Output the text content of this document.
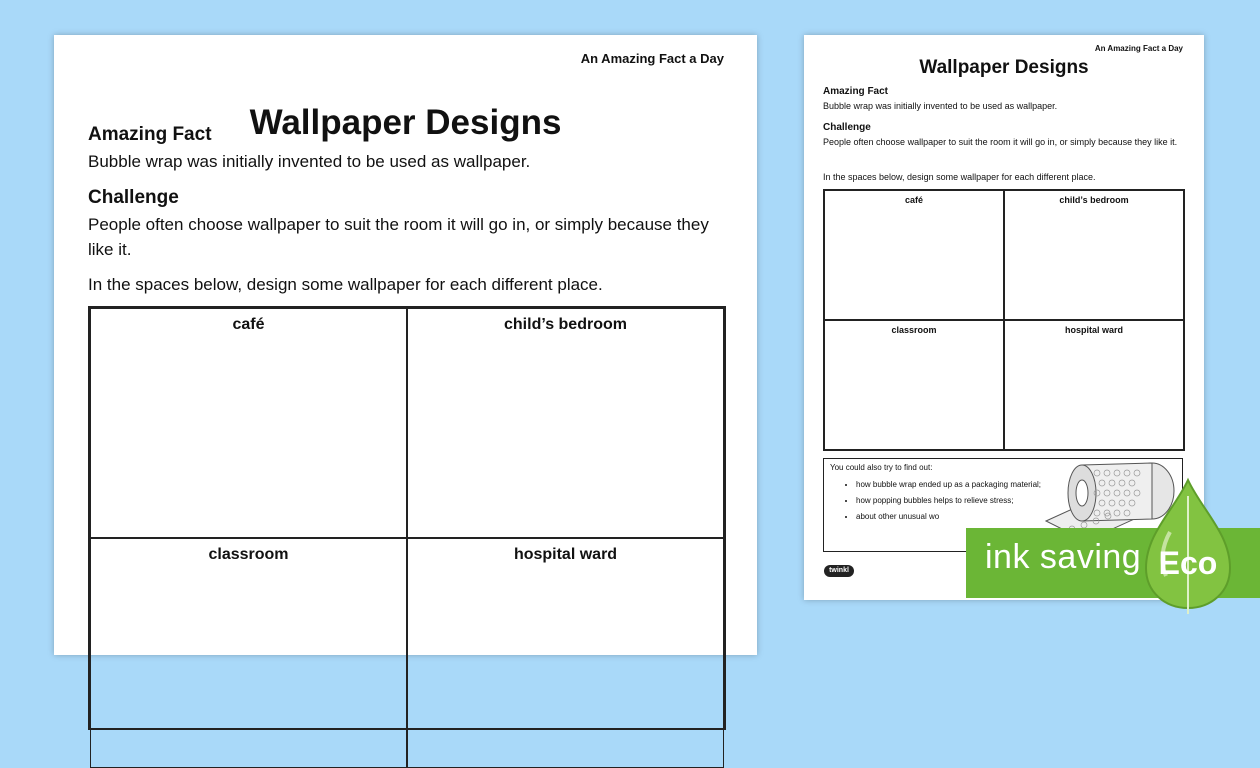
An Amazing Fact a Day
Wallpaper Designs
Amazing Fact
Bubble wrap was initially invented to be used as wallpaper.
Challenge
People often choose wallpaper to suit the room it will go in, or simply because they like it.
In the spaces below, design some wallpaper for each different place.
café	child’s bedroom
classroom	hospital ward
An Amazing Fact a Day
Wallpaper Designs
Amazing Fact
Bubble wrap was initially invented to be used as wallpaper.
Challenge
People often choose wallpaper to suit the room it will go in, or simply because they like it.
In the spaces below, design some wallpaper for each different place.
café	child’s bedroom
classroom	hospital ward
You could also try to find out:
• how bubble wrap ended up as a packaging material;
• how popping bubbles helps to relieve stress;
• about other unusual wo
twinkl	ink saving Eco
